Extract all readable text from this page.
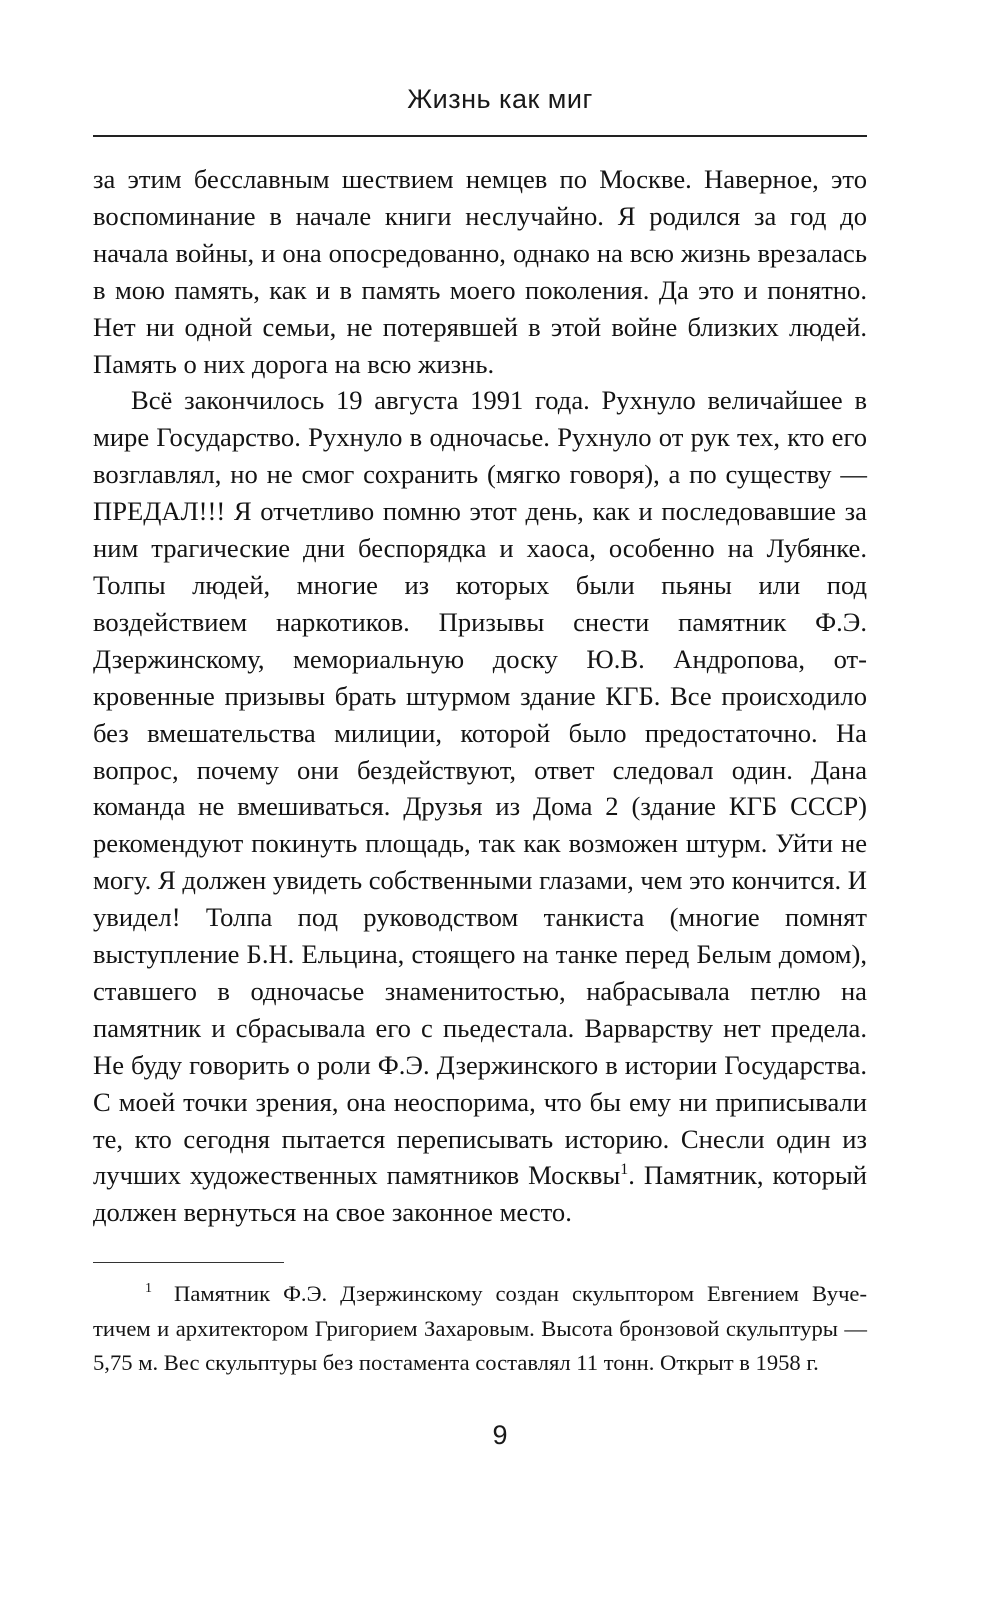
Жизнь как миг

за этим бесславным шествием немцев по Москве. Наверное, это воспоминание в начале книги неслучайно. Я родился за год до начала войны, и она опосредованно, однако на всю жизнь врезалась в мою память, как и в память моего поколения. Да это и понятно. Нет ни одной семьи, не потерявшей в этой войне близких людей. Память о них дорога на всю жизнь.

Всё закончилось 19 августа 1991 года. Рухнуло величайшее в мире Государство. Рухнуло в одночасье. Рухнуло от рук тех, кто его возглавлял, но не смог сохранить (мягко говоря), а по существу — ПРЕДАЛ!!! Я отчетливо помню этот день, как и последовавшие за ним трагические дни беспорядка и хаоса, особенно на Лубянке. Толпы людей, многие из которых были пьяны или под воздействием наркотиков. Призывы снести памятник Ф.Э. Дзержинскому, мемориальную доску Ю.В. Андропова, откровенные призывы брать штурмом здание КГБ. Все происходило без вмешательства милиции, которой было предостаточно. На вопрос, почему они бездействуют, ответ следовал один. Дана команда не вмешиваться. Друзья из Дома 2 (здание КГБ СССР) рекомендуют покинуть площадь, так как возможен штурм. Уйти не могу. Я должен увидеть собственными глазами, чем это кончится. И увидел! Толпа под руководством танкиста (многие помнят выступление Б.Н. Ельцина, стоящего на танке перед Белым домом), ставшего в одночасье знаменитостью, набрасывала петлю на памятник и сбрасывала его с пьедестала. Варварству нет предела. Не буду говорить о роли Ф.Э. Дзержинского в истории Государства. С моей точки зрения, она неоспорима, что бы ему ни приписывали те, кто сегодня пытается переписывать историю. Снесли один из лучших художественных памятников Москвы$^1$. Памятник, который должен вернуться на свое законное место.

1 Памятник Ф.Э. Дзержинскому создан скульптором Евгением Вучетичем и архитектором Григорием Захаровым. Высота бронзовой скульптуры — 5,75 м. Вес скульптуры без постамента составлял 11 тонн. Открыт в 1958 г.

9
